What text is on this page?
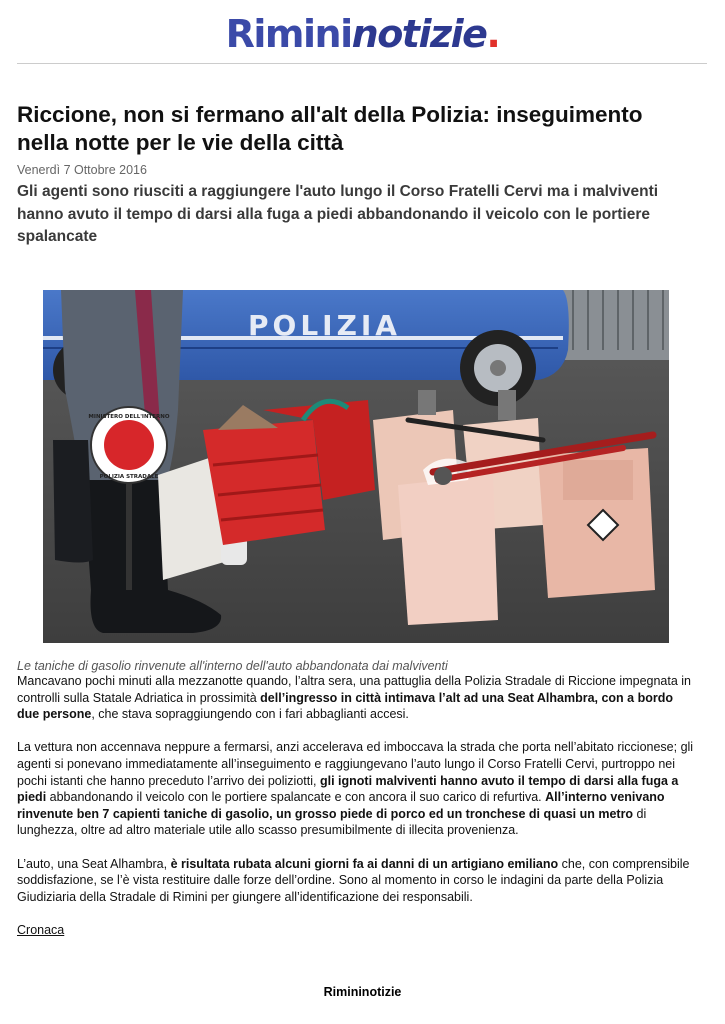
Rimininotizie.
Riccione, non si fermano all'alt della Polizia: inseguimento nella notte per le vie della città
Venerdì 7 Ottobre 2016
Gli agenti sono riusciti a raggiungere l'auto lungo il Corso Fratelli Cervi ma i malviventi hanno avuto il tempo di darsi alla fuga a piedi abbandonando il veicolo con le portiere spalancate
POLIZIA
MINISTERO DELL'INTERNO
POLIZIA STRADALE
Le taniche di gasolio rinvenute all'interno dell'auto abbandonata dai malviventi

Mancavano pochi minuti alla mezzanotte quando, l’altra sera, una pattuglia della Polizia Stradale di Riccione impegnata in controlli sulla Statale Adriatica in prossimità dell’ingresso in città intimava l’alt ad una Seat Alhambra, con a bordo due persone, che stava sopraggiungendo con i fari abbaglianti accesi.

La vettura non accennava neppure a fermarsi, anzi accelerava ed imboccava la strada che porta nell’abitato riccionese; gli agenti si ponevano immediatamente all’inseguimento e raggiungevano l’auto lungo il Corso Fratelli Cervi, purtroppo nei pochi istanti che hanno preceduto l’arrivo dei poliziotti, gli ignoti malviventi hanno avuto il tempo di darsi alla fuga a piedi abbandonando il veicolo con le portiere spalancate e con ancora il suo carico di refurtiva. All’interno venivano rinvenute ben 7 capienti taniche di gasolio, un grosso piede di porco ed un tronchese di quasi un metro di lunghezza, oltre ad altro materiale utile allo scasso presumibilmente di illecita provenienza.

L’auto, una Seat Alhambra, è risultata rubata alcuni giorni fa ai danni di un artigiano emiliano che, con comprensibile soddisfazione, se l’è vista restituire dalle forze dell’ordine. Sono al momento in corso le indagini da parte della Polizia Giudiziaria della Stradale di Rimini per giungere all’identificazione dei responsabili.

Cronaca
Rimininotizie
